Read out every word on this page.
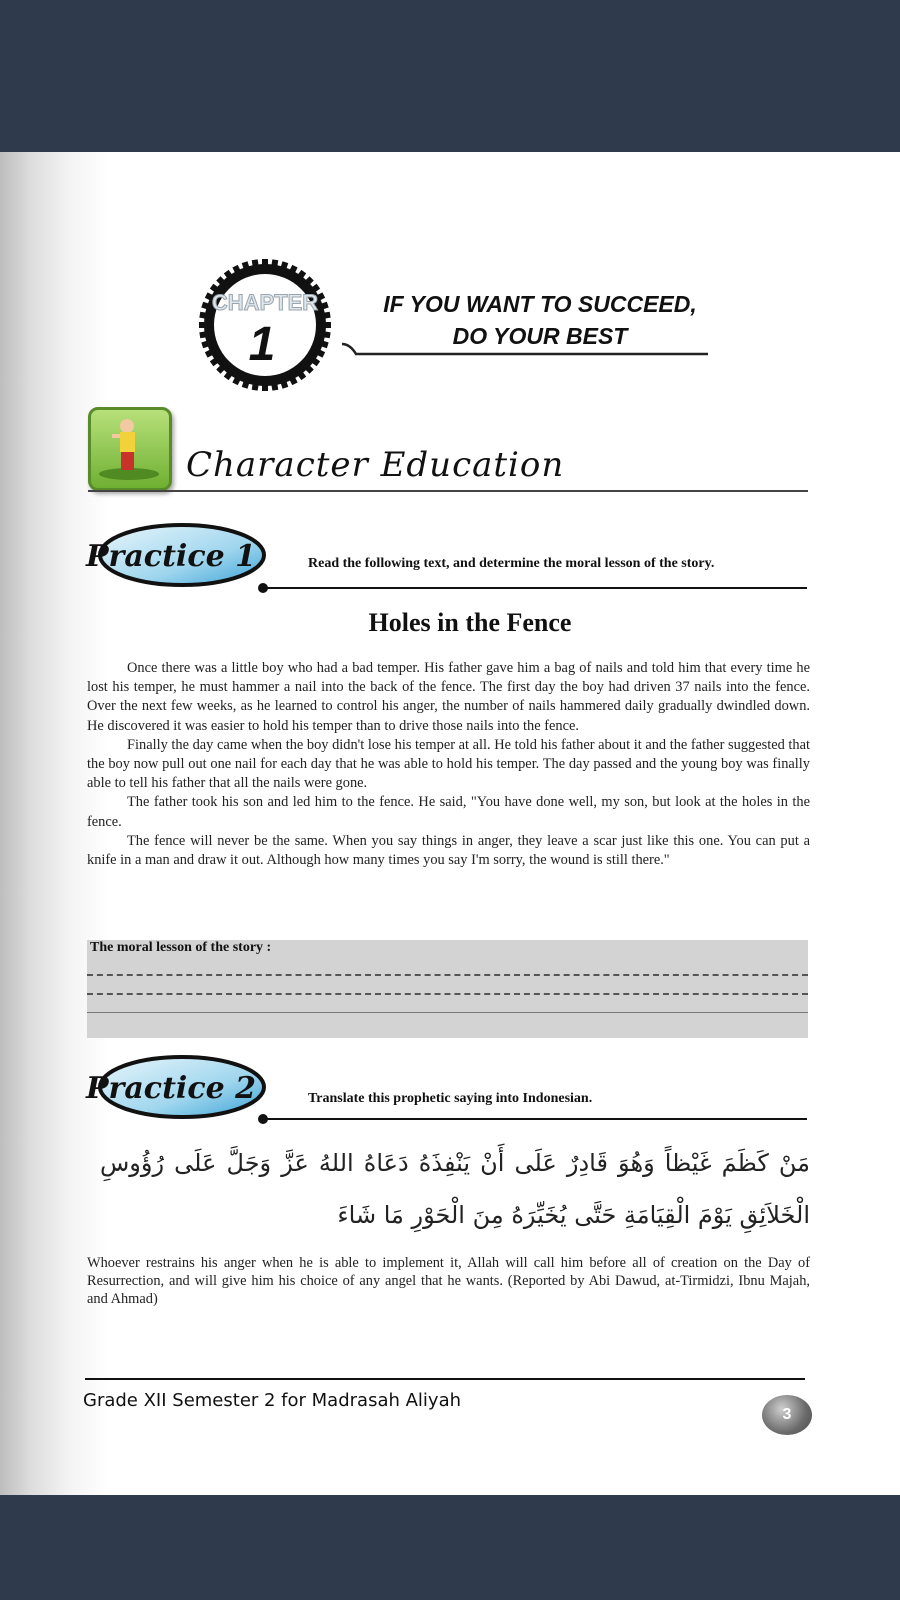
CHAPTER
1
IF YOU WANT TO SUCCEED,
DO YOUR BEST
Character Education
Practice 1	Read the following text, and determine the moral lesson of the story.
Holes in the Fence

Once there was a little boy who had a bad temper. His father gave him a bag of nails and told him that every time he lost his temper, he must hammer a nail into the back of the fence. The first day the boy had driven 37 nails into the fence. Over the next few weeks, as he learned to control his anger, the number of nails hammered daily gradually dwindled down. He discovered it was easier to hold his temper than to drive those nails into the fence.

Finally the day came when the boy didn't lose his temper at all. He told his father about it and the father suggested that the boy now pull out one nail for each day that he was able to hold his temper. The day passed and the young boy was finally able to tell his father that all the nails were gone.

The father took his son and led him to the fence. He said, "You have done well, my son, but look at the holes in the fence.

The fence will never be the same. When you say things in anger, they leave a scar just like this one. You can put a knife in a man and draw it out. Although how many times you say I'm sorry, the wound is still there."

The moral lesson of the story :
Practice 2	Translate this prophetic saying into Indonesian.
مَنْ كَظَمَ غَيْظاً وَهُوَ قَادِرٌ عَلَى أَنْ يَنْفِذَهُ دَعَاهُ اللهُ عَزَّ وَجَلَّ عَلَى رُؤُوسِ الْخَلاَئِقِ يَوْمَ الْقِيَامَةِ حَتَّى يُخَيِّرَهُ مِنَ الْحَوْرِ مَا شَاءَ
Whoever restrains his anger when he is able to implement it, Allah will call him before all of creation on the Day of Resurrection, and will give him his choice of any angel that he wants. (Reported by Abi Dawud, at-Tirmidzi, Ibnu Majah, and Ahmad)
Grade XII Semester 2 for Madrasah Aliyah
3
